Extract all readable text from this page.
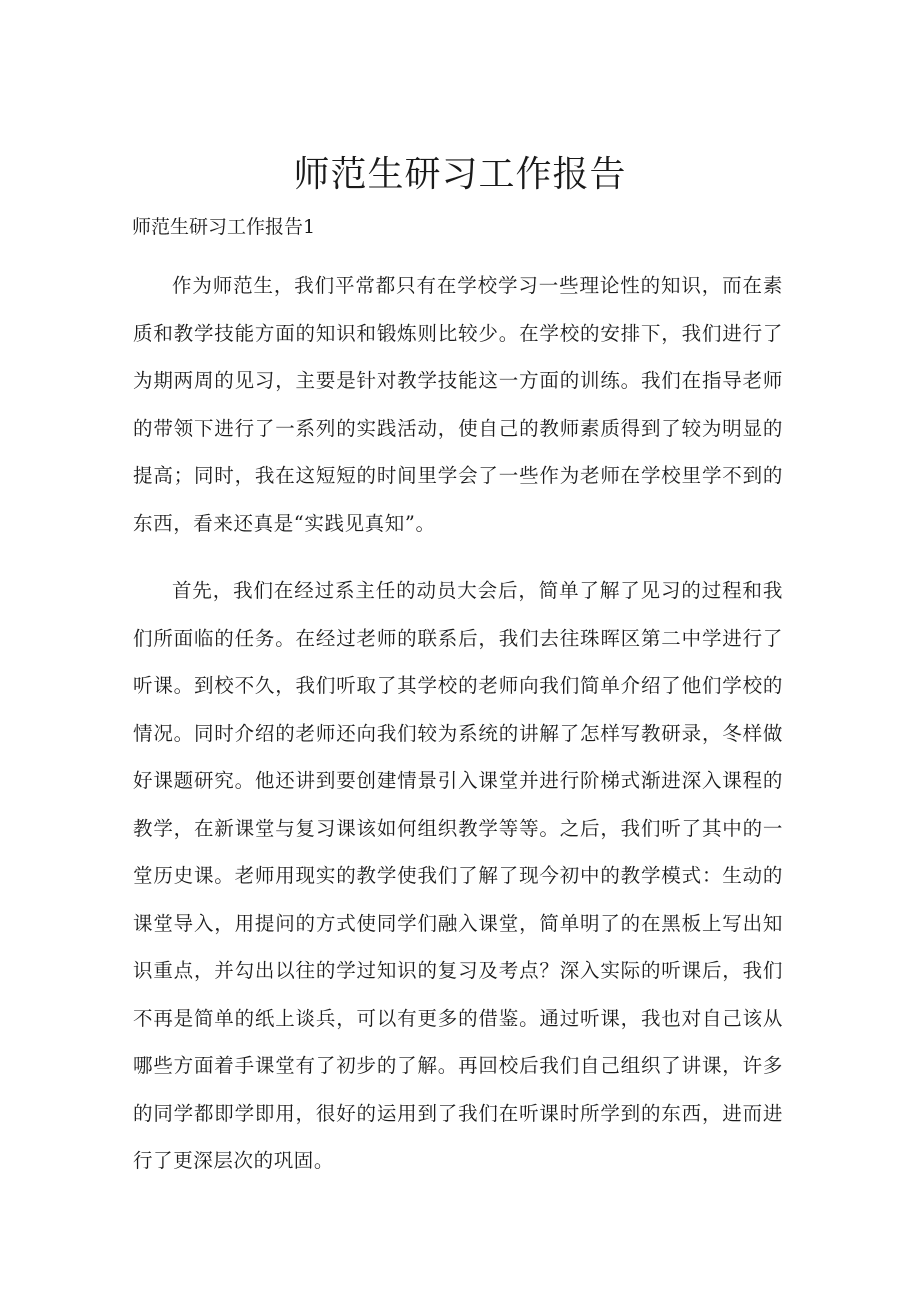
师范生研习工作报告
师范生研习工作报告1

作为师范生，我们平常都只有在学校学习一些理论性的知识，而在素质和教学技能方面的知识和锻炼则比较少。在学校的安排下，我们进行了为期两周的见习，主要是针对教学技能这一方面的训练。我们在指导老师的带领下进行了一系列的实践活动，使自己的教师素质得到了较为明显的提高；同时，我在这短短的时间里学会了一些作为老师在学校里学不到的东西，看来还真是“实践见真知”。

首先，我们在经过系主任的动员大会后，简单了解了见习的过程和我们所面临的任务。在经过老师的联系后，我们去往珠晖区第二中学进行了听课。到校不久，我们听取了其学校的老师向我们简单介绍了他们学校的情况。同时介绍的老师还向我们较为系统的讲解了怎样写教研录，冬样做好课题研究。他还讲到要创建情景引入课堂并进行阶梯式渐进深入课程的教学，在新课堂与复习课该如何组织教学等等。之后，我们听了其中的一堂历史课。老师用现实的教学使我们了解了现今初中的教学模式：生动的课堂导入，用提问的方式使同学们融入课堂，简单明了的在黑板上写出知识重点，并勾出以往的学过知识的复习及考点？深入实际的听课后，我们不再是简单的纸上谈兵，可以有更多的借鉴。通过听课，我也对自己该从哪些方面着手课堂有了初步的了解。再回校后我们自己组织了讲课，许多的同学都即学即用，很好的运用到了我们在听课时所学到的东西，进而进行了更深层次的巩固。
